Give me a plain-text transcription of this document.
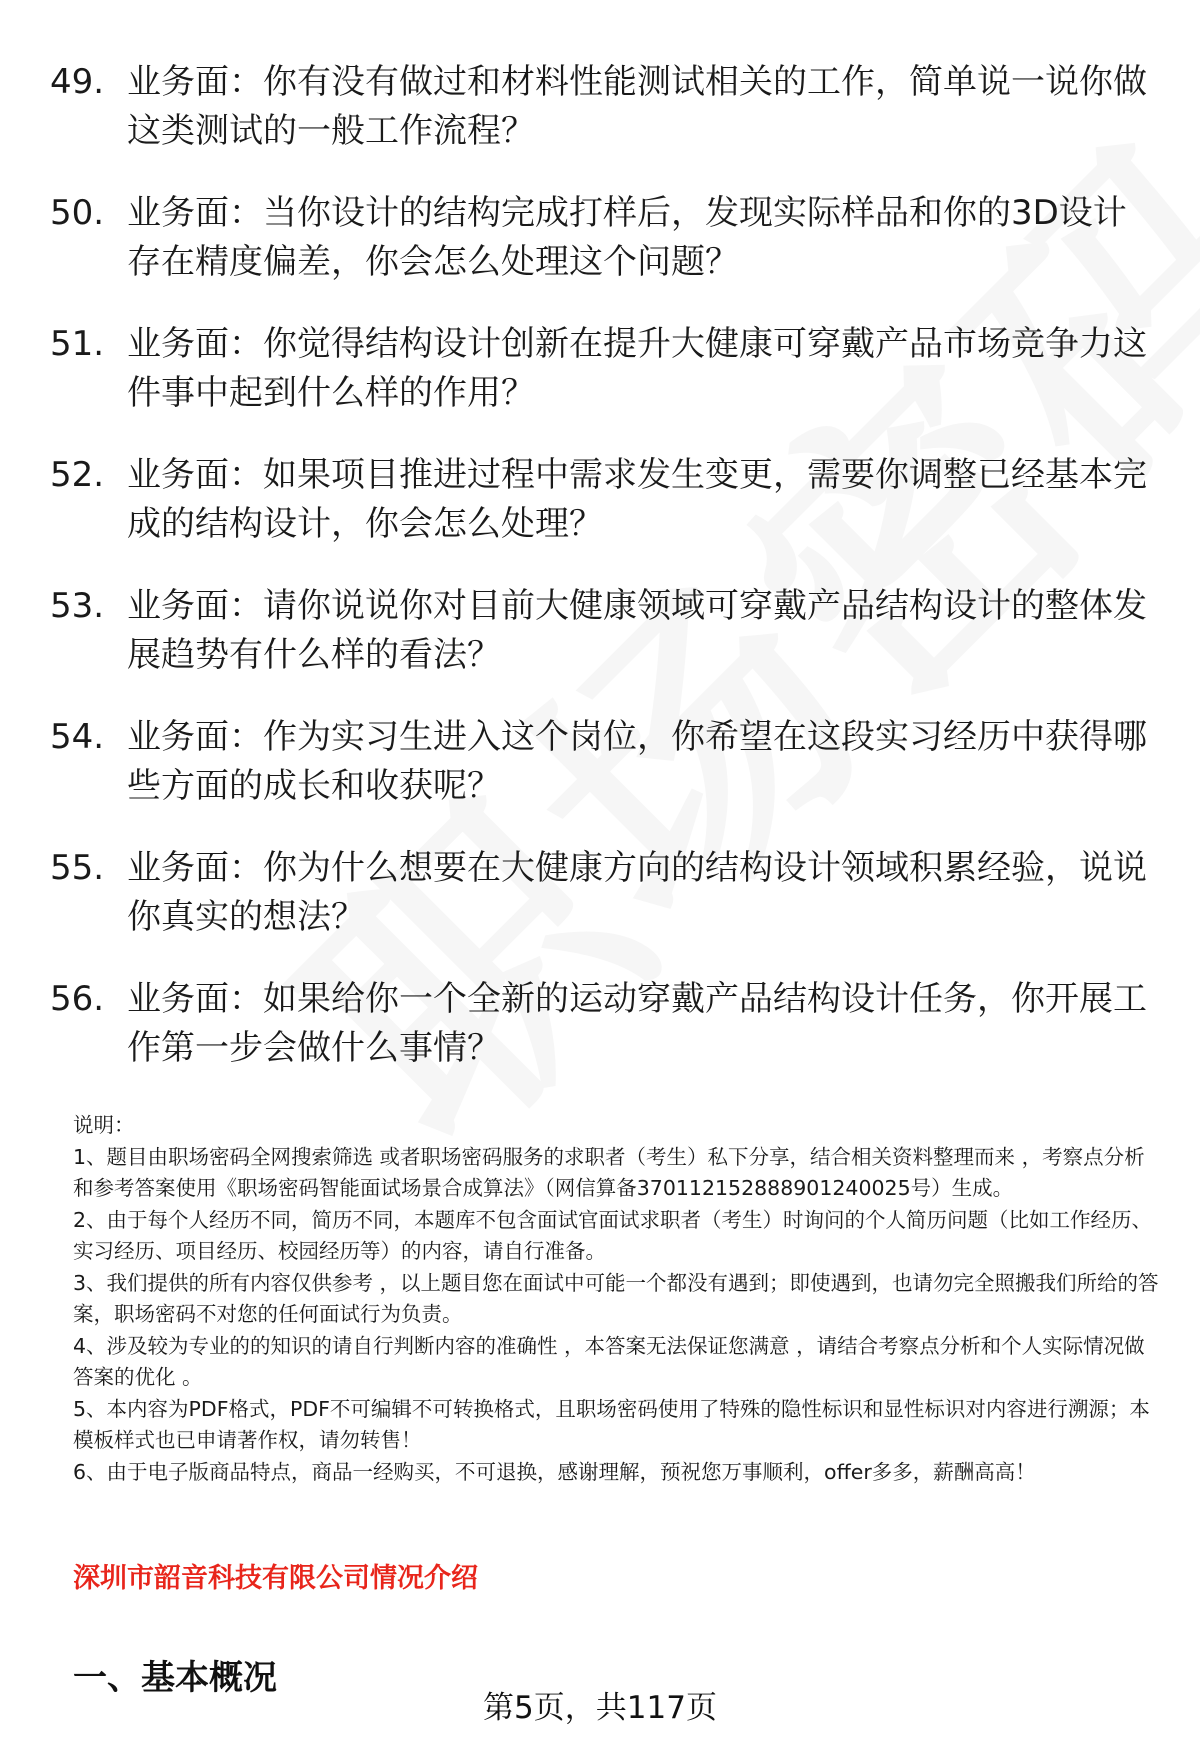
49. 业务面：你有没有做过和材料性能测试相关的工作，简单说一说你做这类测试的一般工作流程？
50. 业务面：当你设计的结构完成打样后，发现实际样品和你的3D设计存在精度偏差，你会怎么处理这个问题？
51. 业务面：你觉得结构设计创新在提升大健康可穿戴产品市场竞争力这件事中起到什么样的作用？
52. 业务面：如果项目推进过程中需求发生变更，需要你调整已经基本完成的结构设计，你会怎么处理？
53. 业务面：请你说说你对目前大健康领域可穿戴产品结构设计的整体发展趋势有什么样的看法？
54. 业务面：作为实习生进入这个岗位，你希望在这段实习经历中获得哪些方面的成长和收获呢？
55. 业务面：你为什么想要在大健康方向的结构设计领域积累经验，说说你真实的想法？
56. 业务面：如果给你一个全新的运动穿戴产品结构设计任务，你开展工作第一步会做什么事情？

说明：

1、题目由职场密码全网搜索筛选 或者职场密码服务的求职者（考生）私下分享，结合相关资料整理而来 ，考察点分析和参考答案使用《职场密码智能面试场景合成算法》（网信算备370112152888901240025号）生成。

2、由于每个人经历不同，简历不同，本题库不包含面试官面试求职者（考生）时询问的个人简历问题（比如工作经历、实习经历、项目经历、校园经历等）的内容，请自行准备。

3、我们提供的所有内容仅供参考 ，以上题目您在面试中可能一个都没有遇到；即使遇到，也请勿完全照搬我们所给的答案，职场密码不对您的任何面试行为负责。

4、涉及较为专业的的知识的请自行判断内容的准确性 ，本答案无法保证您满意 ，请结合考察点分析和个人实际情况做答案的优化 。

5、本内容为PDF格式，PDF不可编辑不可转换格式，且职场密码使用了特殊的隐性标识和显性标识对内容进行溯源；本模板样式也已申请著作权，请勿转售！

6、由于电子版商品特点，商品一经购买，不可退换，感谢理解，预祝您万事顺利，offer多多，薪酬高高！

深圳市韶音科技有限公司情况介绍
一、基本概况
第5页，共117页
